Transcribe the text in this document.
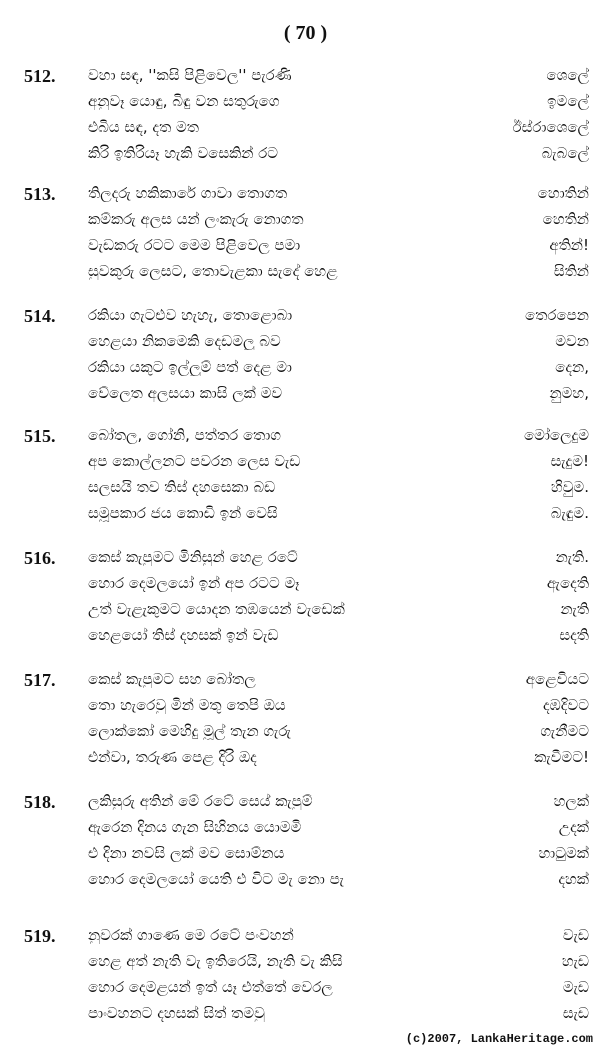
( 70 )
512. වහා සඳ, ''කසි පිළිවෙල'' පැරණි	ශෙලේ
අනුවෑ යොඳු, බිඳු වන සතුරුගෙ	ඉමලේ
එබිය සඳ, දත මත	ඊස්රාශෙලේ
කිරි ඉතිරියෑ හැකි වසෙකින් රට	බැබලේ
513. තිලදරු හකිකාරේ ගාවා තොගත	හොතින්
කම්කරු අලස යන් ලංකැරු නොගත	හෙතින්
වැඩකරු රටට මෙම පිළිවෙල පමා	අතින්!
සුවකුරු ලෙසට, තොවැළකා සැදේ හෙළ	සිතින්
514. රකියා ගැටළුව හැහැ, තොළොබා	තෙරපෙන
හෙළයා නිකමෙකි දෙඩමලු බව	මවන
රකියා යකුට ඉල්ලුම් පත් දෙළ මා	දෙන,
වේලෙත අලසයා කාසි ලක් මව	නුමහ,
515. බෝතල, ගෝනි, පත්තර තොග	මෝලෙදුම
අප කොල්ලනට පවරන ලෙස වැඩ	සැදුම!
සලසයි තව තිස් දහසෙකා බඩ	හිවුම.
සමූපකාර ජය කොඩි ඉන් වෙසි	බැඳුම.
516. කෙස් කැපුමට මිනිසුන් හෙළ රටේ	නැති.
හොර දෙමලයෝ ඉන් අප රටට මෑ	ඇදෙති
උත් වැළැකුමට යොදන තඹයෙන් වැඩෙක්	නැති
හෙළයෝ තිස් දහසක් ඉන් වැඩ	සදති
517. කෙස් කැපුමට සහ බෝතල	අළෙවියට
තො හැරෙවු මින් මතු තෙපි ඔය	දඹදිවට
ලොක්කෝ මෙහිදු මූල් තැන ගැරු	ගැනීමට
එන්වා, තරුණ පෙළ දිරි ඔද	කැවීමට!
518. ලකිසුරු අතින් මේ රටේ සෙය් කැපුම්	හලක්
ඇරෙන දිනය ගැන සිහිනය යොමමි	උදක්
එ දිනා නවසි ලක් මව සොම්නය	හාටුමක්
හොර දෙමලයෝ යෙති එ විට මැ නො පැ	දහක්
519. නුවරක් ගාණෙ මෙ රටේ පංවහන්	වැඩ
හෙළ අත් නැති වැ ඉතිරෙයි, නැති වැ කිසි	හැඩ
හොර දෙමළයන් ඉත් යෑ එත්තේ වෙරල	මැඩ
පාංවහනට දහසක් සිත් තමවු	සැඩ
(c)2007, LankaHeritage.com
